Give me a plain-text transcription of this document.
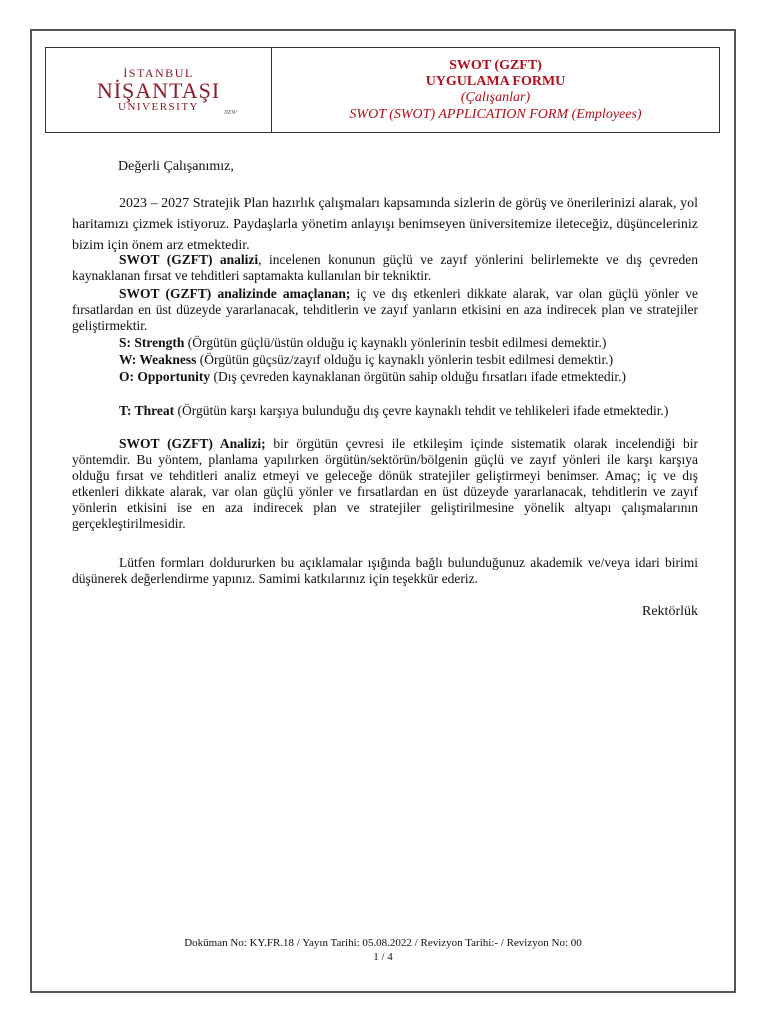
İSTANBUL
NİŞANTAŞI
UNIVERSITY	NEW
SWOT (GZFT)
UYGULAMA FORMU
(Çalışanlar)
SWOT (SWOT) APPLICATION FORM (Employees)

Değerli Çalışanımız,

2023 – 2027 Stratejik Plan hazırlık çalışmaları kapsamında sizlerin de görüş ve önerilerinizi alarak, yol haritamızı çizmek istiyoruz. Paydaşlarla yönetim anlayışı benimseyen üniversitemize ileteceğiz, düşünceleriniz bizim için önem arz etmektedir.

SWOT (GZFT) analizi, incelenen konunun güçlü ve zayıf yönlerini belirlemekte ve dış çevreden kaynaklanan fırsat ve tehditleri saptamakta kullanılan bir tekniktir.

SWOT (GZFT) analizinde amaçlanan; iç ve dış etkenleri dikkate alarak, var olan güçlü yönler ve fırsatlardan en üst düzeyde yararlanacak, tehditlerin ve zayıf yanların etkisini en aza indirecek plan ve stratejiler geliştirmektir.

S: Strength (Örgütün güçlü/üstün olduğu iç kaynaklı yönlerinin tesbit edilmesi demektir.)

W: Weakness (Örgütün güçsüz/zayıf olduğu iç kaynaklı yönlerin tesbit edilmesi demektir.)

O: Opportunity (Dış çevreden kaynaklanan örgütün sahip olduğu fırsatları ifade etmektedir.)

T: Threat (Örgütün karşı karşıya bulunduğu dış çevre kaynaklı tehdit ve tehlikeleri ifade etmektedir.)

SWOT (GZFT) Analizi; bir örgütün çevresi ile etkileşim içinde sistematik olarak incelendiği bir yöntemdir. Bu yöntem, planlama yapılırken örgütün/sektörün/bölgenin güçlü ve zayıf yönleri ile karşı karşıya olduğu fırsat ve tehditleri analiz etmeyi ve geleceğe dönük stratejiler geliştirmeyi benimser. Amaç; iç ve dış etkenleri dikkate alarak, var olan güçlü yönler ve fırsatlardan en üst düzeyde yararlanacak, tehditlerin ve zayıf yönlerin etkisini ise en aza indirecek plan ve stratejiler geliştirilmesine yönelik altyapı çalışmalarının gerçekleştirilmesidir.

Lütfen formları doldururken bu açıklamalar ışığında bağlı bulunduğunuz akademik ve/veya idari birimi düşünerek değerlendirme yapınız. Samimi katkılarınız için teşekkür ederiz.

Rektörlük

Doküman No: KY.FR.18 / Yayın Tarihi: 05.08.2022 / Revizyon Tarihi:- / Revizyon No: 00
1 / 4
